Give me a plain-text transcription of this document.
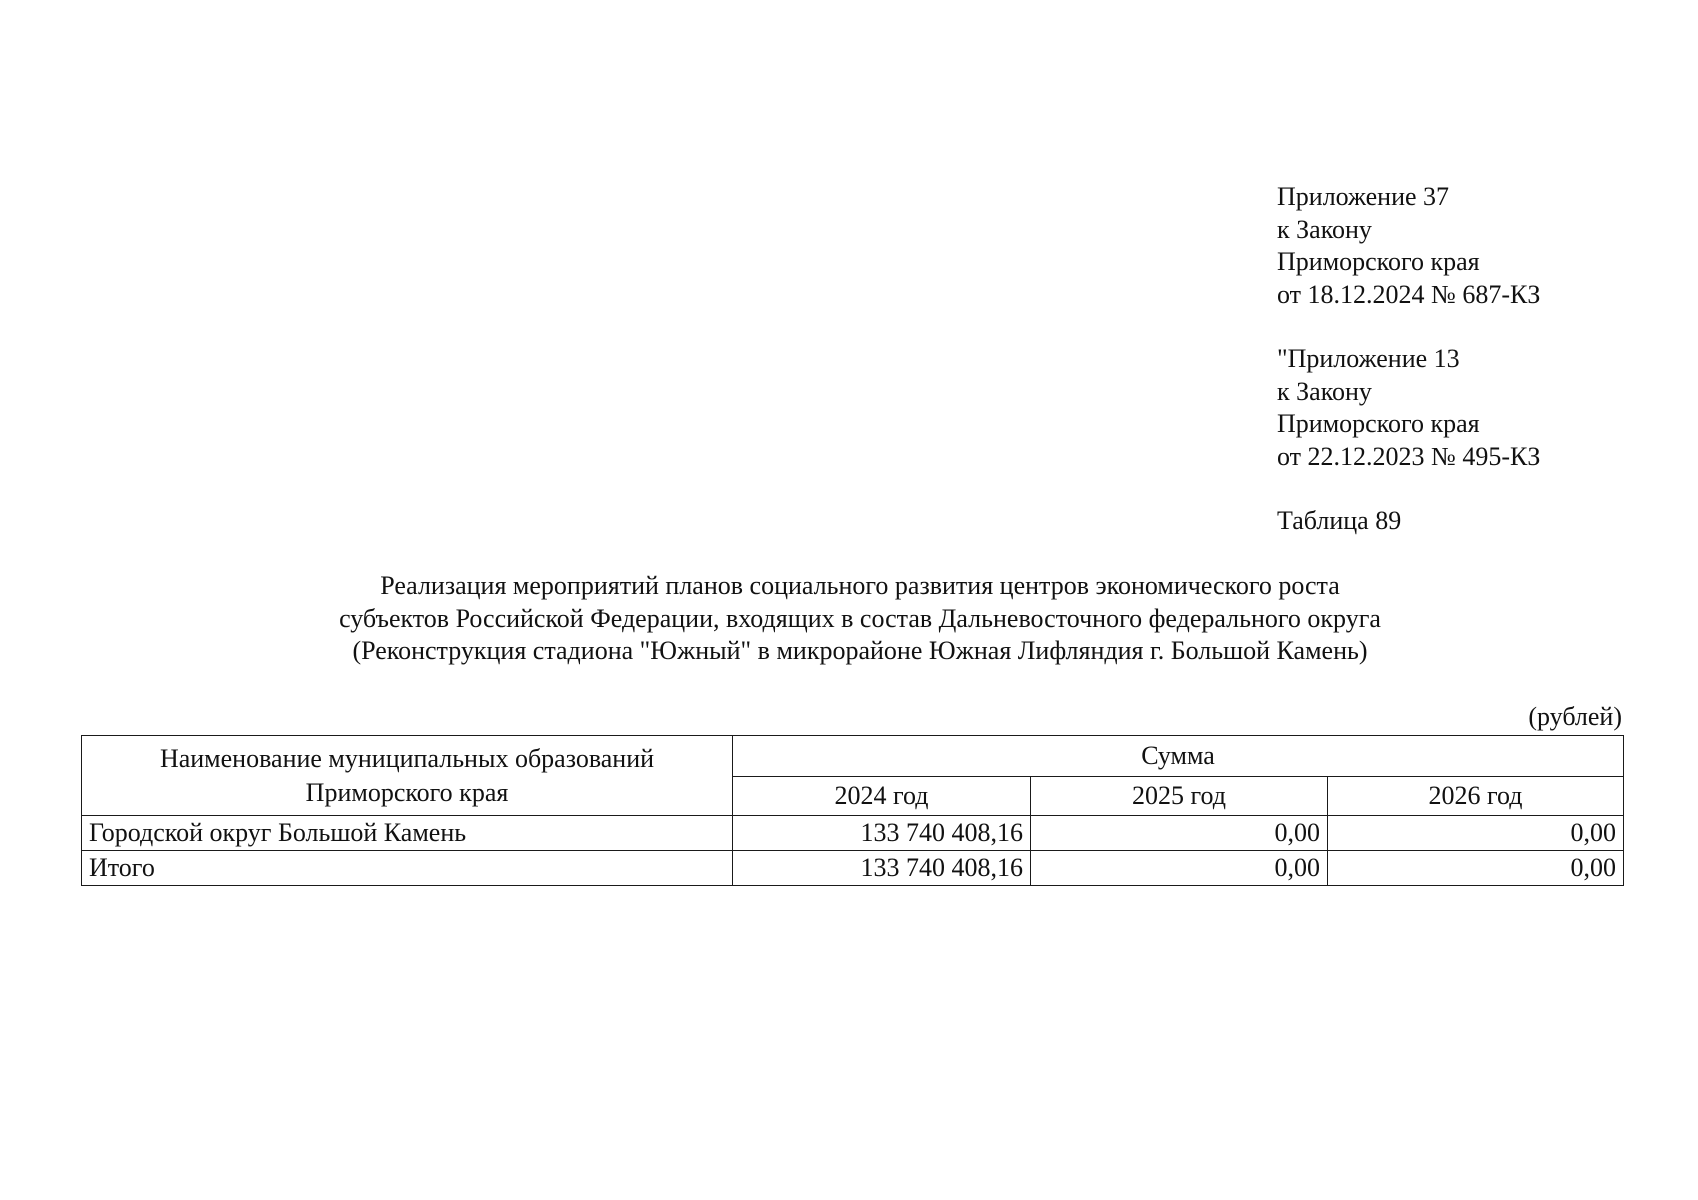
Приложение 37
к Закону
Приморского края
от 18.12.2024 № 687-КЗ
"Приложение 13
к Закону
Приморского края
от 22.12.2023 № 495-КЗ
Таблица 89
Реализация мероприятий планов социального развития центров экономического роста
субъектов Российской Федерации, входящих в состав Дальневосточного федерального округа
(Реконструкция стадиона "Южный" в микрорайоне Южная Лифляндия г. Большой Камень)
(рублей)
Наименование муниципальных образований
Приморского края	Сумма		
	2024 год	2025 год	2026 год
Городской округ Большой Камень	133 740 408,16	0,00	0,00
Итого	133 740 408,16	0,00	0,00
